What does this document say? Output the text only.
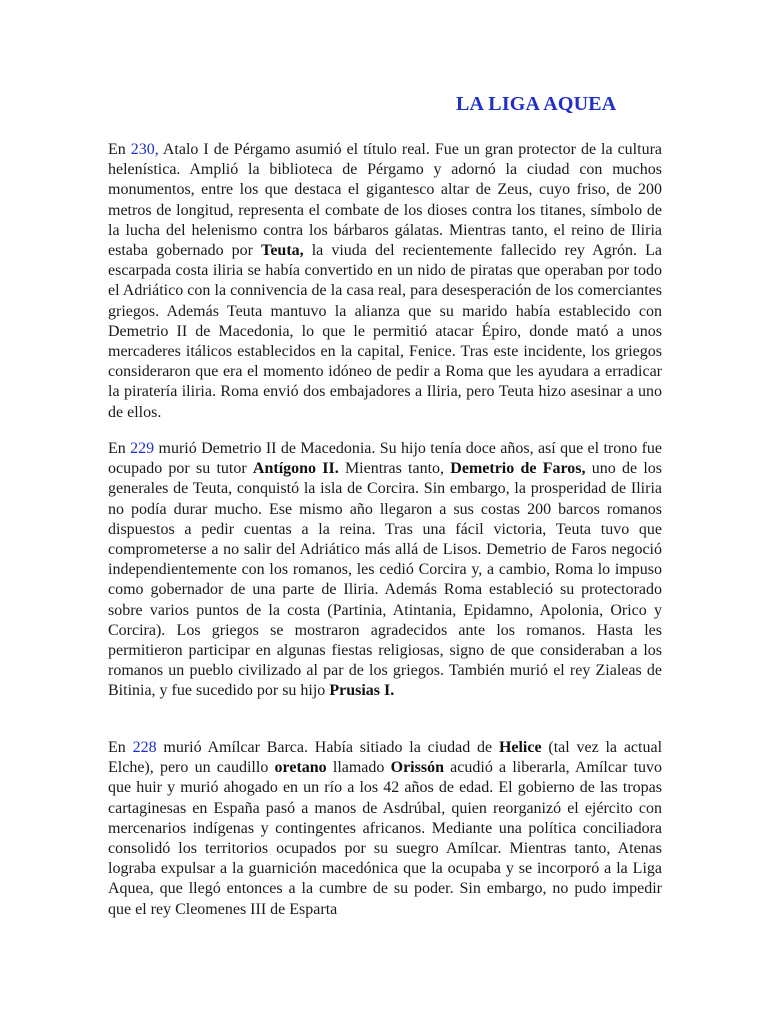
LA LIGA AQUEA

En 230, Atalo I de Pérgamo asumió el título real. Fue un gran protector de la cultura helenística. Amplió la biblioteca de Pérgamo y adornó la ciudad con muchos monumentos, entre los que destaca el gigantesco altar de Zeus, cuyo friso, de 200 metros de longitud, representa el combate de los dioses contra los titanes, símbolo de la lucha del helenismo contra los bárbaros gálatas. Mientras tanto, el reino de Iliria estaba gobernado por Teuta, la viuda del recientemente fallecido rey Agrón. La escarpada costa iliria se había convertido en un nido de piratas que operaban por todo el Adriático con la connivencia de la casa real, para desesperación de los comerciantes griegos. Además Teuta mantuvo la alianza que su marido había establecido con Demetrio II de Macedonia, lo que le permitió atacar Épiro, donde mató a unos mercaderes itálicos establecidos en la capital, Fenice. Tras este incidente, los griegos consideraron que era el momento idóneo de pedir a Roma que les ayudara a erradicar la piratería iliria. Roma envió dos embajadores a Iliria, pero Teuta hizo asesinar a uno de ellos.

En 229 murió Demetrio II de Macedonia. Su hijo tenía doce años, así que el trono fue ocupado por su tutor Antígono II. Mientras tanto, Demetrio de Faros, uno de los generales de Teuta, conquistó la isla de Corcira. Sin embargo, la prosperidad de Iliria no podía durar mucho. Ese mismo año llegaron a sus costas 200 barcos romanos dispuestos a pedir cuentas a la reina. Tras una fácil victoria, Teuta tuvo que comprometerse a no salir del Adriático más allá de Lisos. Demetrio de Faros negoció independientemente con los romanos, les cedió Corcira y, a cambio, Roma lo impuso como gobernador de una parte de Iliria. Además Roma estableció su protectorado sobre varios puntos de la costa (Partinia, Atintania, Epidamno, Apolonia, Orico y Corcira). Los griegos se mostraron agradecidos ante los romanos. Hasta les permitieron participar en algunas fiestas religiosas, signo de que consideraban a los romanos un pueblo civilizado al par de los griegos. También murió el rey Zialeas de Bitinia, y fue sucedido por su hijo Prusias I.

En 228 murió Amílcar Barca. Había sitiado la ciudad de Helice (tal vez la actual Elche), pero un caudillo oretano llamado Orissón acudió a liberarla, Amílcar tuvo que huir y murió ahogado en un río a los 42 años de edad. El gobierno de las tropas cartaginesas en España pasó a manos de Asdrúbal, quien reorganizó el ejército con mercenarios indígenas y contingentes africanos. Mediante una política conciliadora consolidó los territorios ocupados por su suegro Amílcar. Mientras tanto, Atenas lograba expulsar a la guarnición macedónica que la ocupaba y se incorporó a la Liga Aquea, que llegó entonces a la cumbre de su poder. Sin embargo, no pudo impedir que el rey Cleomenes III de Esparta
